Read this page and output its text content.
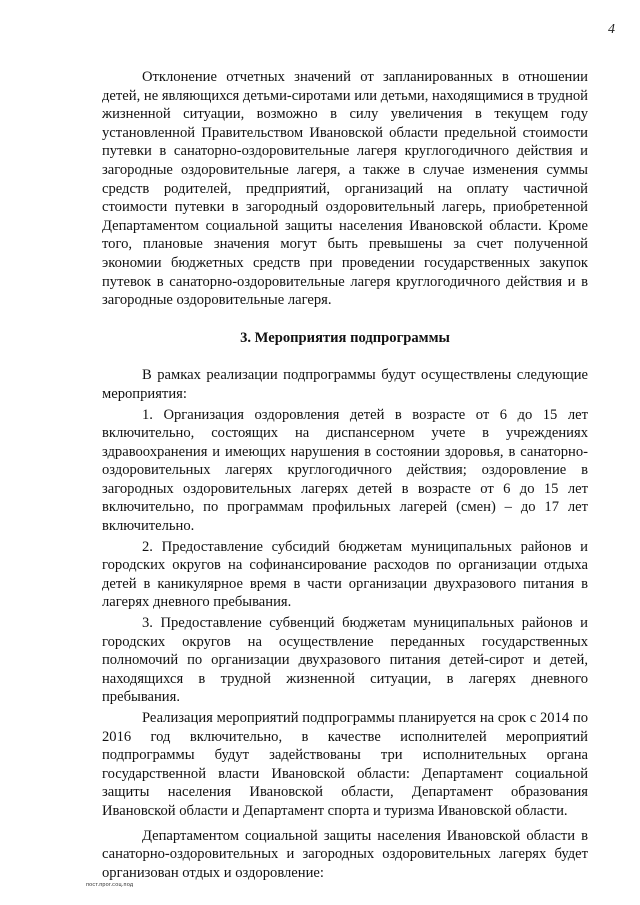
4

Отклонение отчетных значений от запланированных в отношении детей, не являющихся детьми-сиротами или детьми, находящимися в трудной жизненной ситуации, возможно в силу увеличения в текущем году установленной Правительством Ивановской области предельной стоимости путевки в санаторно-оздоровительные лагеря круглогодичного действия и загородные оздоровительные лагеря, а также в случае изменения суммы средств родителей, предприятий, организаций на оплату частичной стоимости путевки в загородный оздоровительный лагерь, приобретенной Департаментом социальной защиты населения Ивановской области. Кроме того, плановые значения могут быть превышены за счет полученной экономии бюджетных средств при проведении государственных закупок путевок в санаторно-оздоровительные лагеря круглогодичного действия и в загородные оздоровительные лагеря.

3. Мероприятия подпрограммы

В рамках реализации подпрограммы будут осуществлены следующие мероприятия:

1. Организация оздоровления детей в возрасте от 6 до 15 лет включительно, состоящих на диспансерном учете в учреждениях здравоохранения и имеющих нарушения в состоянии здоровья, в санаторно-оздоровительных лагерях круглогодичного действия; оздоровление в загородных оздоровительных лагерях детей в возрасте от 6 до 15 лет включительно, по программам профильных лагерей (смен) – до 17 лет включительно.

2. Предоставление субсидий бюджетам муниципальных районов и городских округов на софинансирование расходов по организации отдыха детей в каникулярное время в части организации двухразового питания в лагерях дневного пребывания.

3. Предоставление субвенций бюджетам муниципальных районов и городских округов на осуществление переданных государственных полномочий по организации двухразового питания детей-сирот и детей, находящихся в трудной жизненной ситуации, в лагерях дневного пребывания.

Реализация мероприятий подпрограммы планируется на срок с 2014 по 2016 год включительно, в качестве исполнителей мероприятий подпрограммы будут задействованы три исполнительных органа государственной власти Ивановской области: Департамент социальной защиты населения Ивановской области, Департамент образования Ивановской области и Департамент спорта и туризма Ивановской области.

Департаментом социальной защиты населения Ивановской области в санаторно-оздоровительных и загородных оздоровительных лагерях будет организован отдых и оздоровление:

пост.прог.соц.под
